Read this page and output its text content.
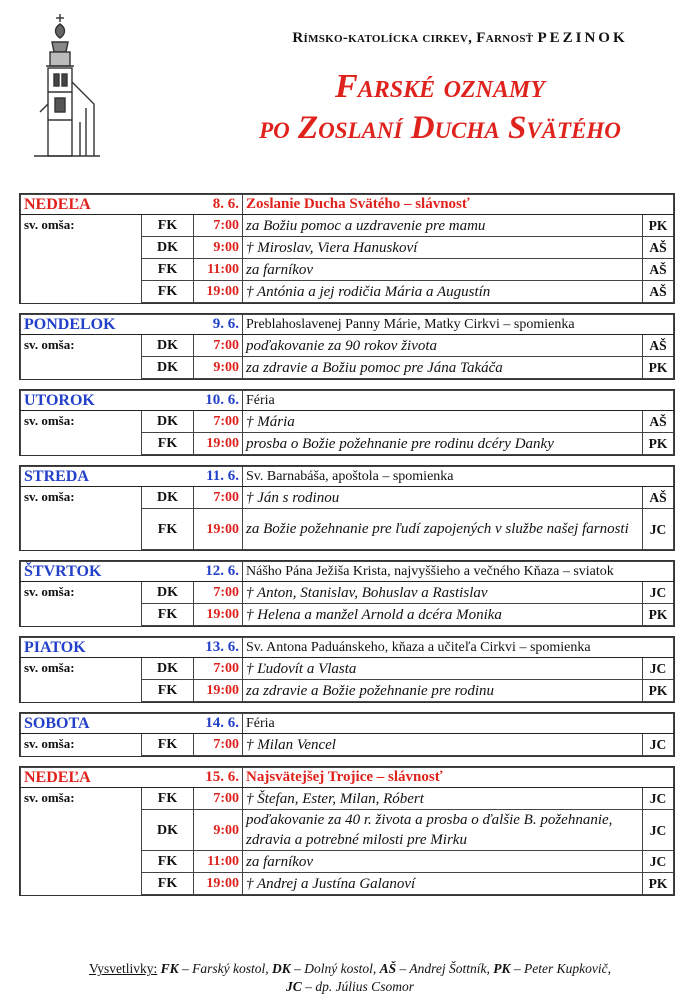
Rímsko-katolícka cirkev, Farnosť PEZINOK
Farské oznamy
po Zoslaní Ducha Svätého
NEDEĽA	8. 6.		Zoslanie Ducha Svätého – slávnosť	
sv. omša:	FK	7:00	za Božiu pomoc a uzdravenie pre mamu	PK
	DK	9:00	† Miroslav, Viera Hanuskoví	AŠ
	FK	11:00	za farníkov	AŠ
	FK	19:00	† Antónia a jej rodičia Mária a Augustín	AŠ
PONDELOK	9. 6.		Preblahoslavenej Panny Márie, Matky Cirkvi – spomienka	
sv. omša:	DK	7:00	poďakovanie za 90 rokov života	AŠ
	DK	9:00	za zdravie a Božiu pomoc pre Jána Takáča	PK
UTOROK	10. 6.		Féria	
sv. omša:	DK	7:00	† Mária	AŠ
	FK	19:00	prosba o Božie požehnanie pre rodinu dcéry Danky	PK
STREDA	11. 6.		Sv. Barnabáša, apoštola – spomienka	
sv. omša:	DK	7:00	† Ján s rodinou	AŠ
	FK	19:00	za Božie požehnanie pre ľudí zapojených v službe našej farnosti	JC
ŠTVRTOK	12. 6.		Nášho Pána Ježiša Krista, najvyššieho a večného Kňaza – sviatok	
sv. omša:	DK	7:00	† Anton, Stanislav, Bohuslav a Rastislav	JC
	FK	19:00	† Helena a manžel Arnold a dcéra Monika	PK
PIATOK	13. 6.		Sv. Antona Paduánskeho, kňaza a učiteľa Cirkvi – spomienka	
sv. omša:	DK	7:00	† Ľudovít a Vlasta	JC
	FK	19:00	za zdravie a Božie požehnanie pre rodinu	PK
SOBOTA	14. 6.		Féria	
sv. omša:	FK	7:00	† Milan Vencel	JC
NEDEĽA	15. 6.		Najsvätejšej Trojice – slávnosť	
sv. omša:	FK	7:00	† Štefan, Ester, Milan, Róbert	JC
	DK	9:00	poďakovanie za 40 r. života a prosba o ďalšie B. požehnanie, zdravia a potrebné milosti pre Mirku	JC
	FK	11:00	za farníkov	JC
	FK	19:00	† Andrej a Justína Galanoví	PK
Vysvetlivky: FK – Farský kostol, DK – Dolný kostol, AŠ – Andrej Šottník, PK – Peter Kupkovič,
JC – dp. Július Csomor
